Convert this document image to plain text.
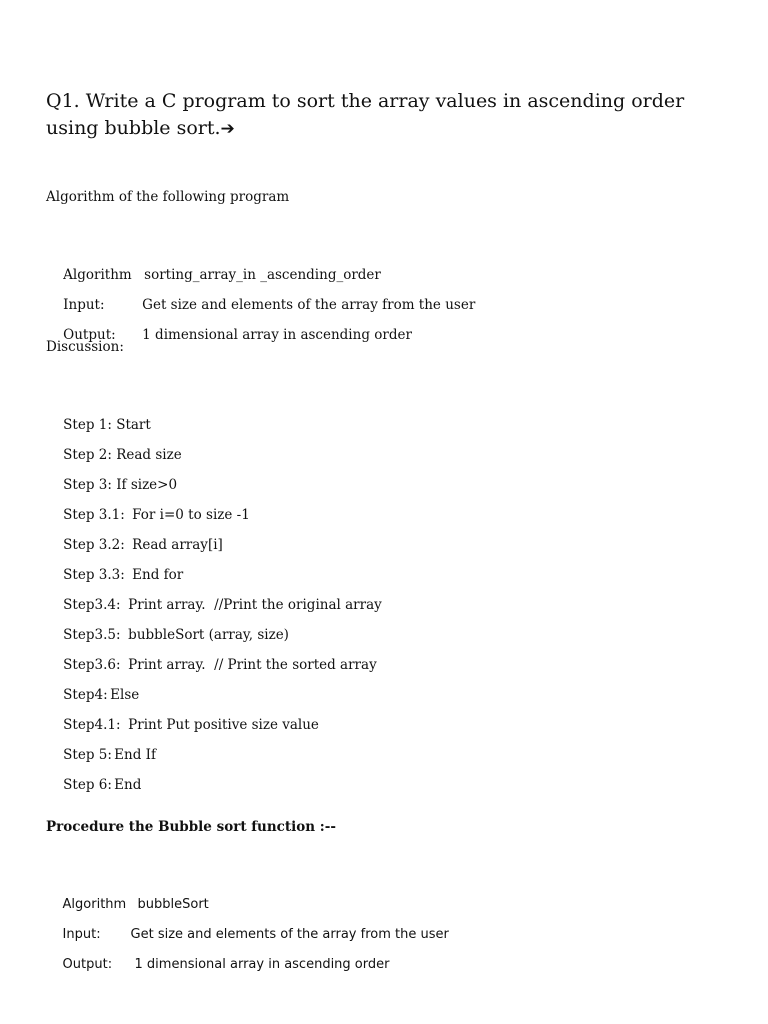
Q1. Write a C program to sort the array values in ascending order using bubble sort.➔
Algorithm of the following program

Algorithm sorting_array_in _ascending_order

Input:	Get size and elements of the array from the user

Output: 1 dimensional array in ascending order

Discussion:

Step 1: Start

Step 2: Read size

Step 3: If size>0

Step 3.1: For i=0 to size -1

Step 3.2: Read array[i]

Step 3.3: End for

Step3.4: Print array.  //Print the original array

Step3.5: bubbleSort (array, size)

Step3.6: Print array.  // Print the sorted array

Step4: Else

Step4.1: Print Put positive size value

Step 5: End If

Step 6: End

Procedure the Bubble sort function :--

Algorithm bubbleSort

Input: Get size and elements of the array from the user

Output: 1 dimensional array in ascending order
